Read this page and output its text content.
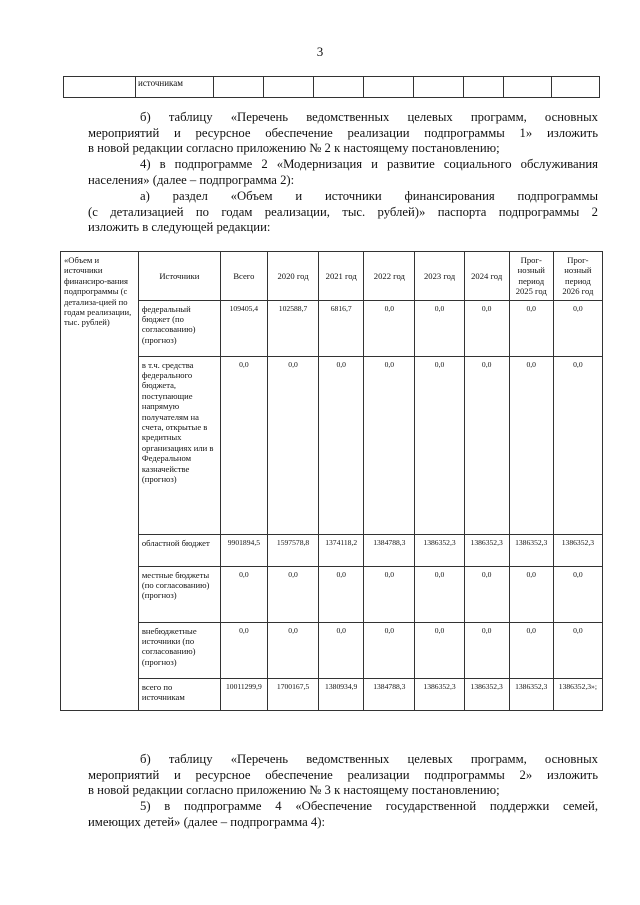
3
	источникам								

б) таблицу «Перечень ведомственных целевых программ, основных

мероприятий и ресурсное обеспечение реализации подпрограммы 1» изложить

в новой редакции согласно приложению № 2 к настоящему постановлению;

4) в подпрограмме 2 «Модернизация и развитие социального обслуживания

населения» (далее – подпрограмма 2):

а) раздел «Объем и источники финансирования подпрограммы

(с детализацией по годам реализации, тыс. рублей)» паспорта подпрограммы 2

изложить в следующей редакции:

«Объем и источники финансиро-вания подпрограммы (с детализа-цией по годам реализации, тыс. рублей)	Источники	Всего	2020 год	2021 год	2022 год	2023 год	2024 год	Прог-нозный период 2025 год	Прог-нозный период 2026 год
	федеральный бюджет (по согласованию) (прогноз)	109405,4	102588,7	6816,7	0,0	0,0	0,0	0,0	0,0
	в т.ч. средства федерального бюджета, поступающие напрямую получателям на счета, открытые в кредитных организациях или в Федеральном казначействе (прогноз)	0,0	0,0	0,0	0,0	0,0	0,0	0,0	0,0
	областной бюджет	9901894,5	1597578,8	1374118,2	1384788,3	1386352,3	1386352,3	1386352,3	1386352,3
	местные бюджеты (по согласованию) (прогноз)	0,0	0,0	0,0	0,0	0,0	0,0	0,0	0,0
	внебюджетные источники (по согласованию) (прогноз)	0,0	0,0	0,0	0,0	0,0	0,0	0,0	0,0
	всего по источникам	10011299,9	1700167,5	1380934,9	1384788,3	1386352,3	1386352,3	1386352,3	1386352,3»;

б) таблицу «Перечень ведомственных целевых программ, основных

мероприятий и ресурсное обеспечение реализации подпрограммы 2» изложить

в новой редакции согласно приложению № 3 к настоящему постановлению;

5) в подпрограмме 4 «Обеспечение государственной поддержки семей,

имеющих детей» (далее – подпрограмма 4):
